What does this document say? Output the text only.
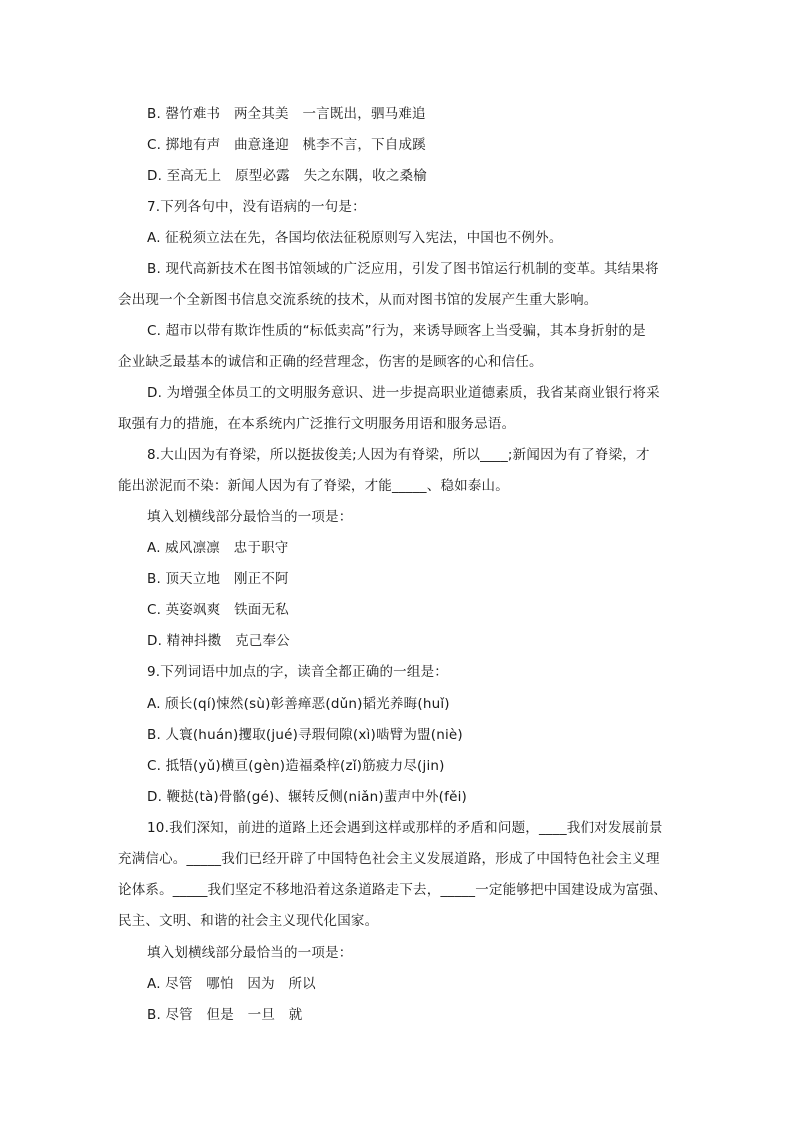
B. 罄竹难书　两全其美　一言既出，驷马难追
C. 掷地有声　曲意逢迎　桃李不言，下自成蹊
D. 至高无上　原型必露　失之东隅，收之桑榆
7.下列各句中，没有语病的一句是：
A. 征税须立法在先，各国均依法征税原则写入宪法，中国也不例外。
B. 现代高新技术在图书馆领域的广泛应用，引发了图书馆运行机制的变革。其结果将
会出现一个全新图书信息交流系统的技术，从而对图书馆的发展产生重大影响。
C. 超市以带有欺诈性质的“标低卖高”行为，来诱导顾客上当受骗，其本身折射的是
企业缺乏最基本的诚信和正确的经营理念，伤害的是顾客的心和信任。
D. 为增强全体员工的文明服务意识、进一步提高职业道德素质，我省某商业银行将采
取强有力的措施，在本系统内广泛推行文明服务用语和服务忌语。
8.大山因为有脊梁，所以挺拔俊美;人因为有脊梁，所以____;新闻因为有了脊梁，才
能出淤泥而不染：新闻人因为有了脊梁，才能_____、稳如泰山。
填入划横线部分最恰当的一项是：
A. 威风凛凛　忠于职守
B. 顶天立地　刚正不阿
C. 英姿飒爽　铁面无私
D. 精神抖擞　克己奉公
9.下列词语中加点的字，读音全都正确的一组是：
A. 颀长(qí)悚然(sù)彰善瘅恶(dǔn)韬光养晦(huǐ)
B. 人寰(huán)攫取(jué)寻瑕伺隙(xì)啮臂为盟(niè)
C. 抵牾(yǔ)横亘(gèn)造福桑梓(zǐ)筋疲力尽(jin)
D. 鞭挞(tà)骨骼(gé)、辗转反侧(niǎn)蜚声中外(fěi)
10.我们深知，前进的道路上还会遇到这样或那样的矛盾和问题，____我们对发展前景
充满信心。_____我们已经开辟了中国特色社会主义发展道路，形成了中国特色社会主义理
论体系。_____我们坚定不移地沿着这条道路走下去，_____一定能够把中国建设成为富强、
民主、文明、和谐的社会主义现代化国家。
填入划横线部分最恰当的一项是：
A. 尽管　哪怕　因为　所以
B. 尽管　但是　一旦　就
